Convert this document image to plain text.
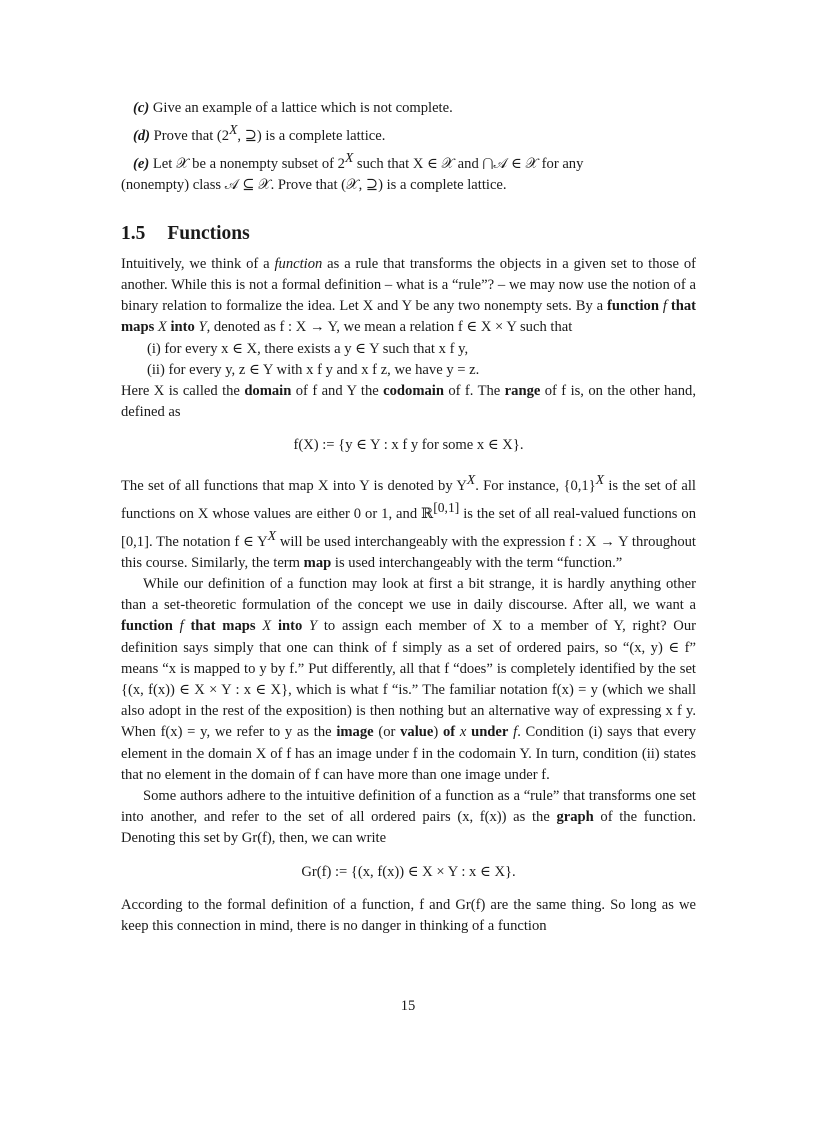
(c) Give an example of a lattice which is not complete.

(d) Prove that ($2^X$, ⊇) is a complete lattice.

(e) Let 𝒳 be a nonempty subset of $2^X$ such that X ∈ 𝒳 and ⋂𝒜 ∈ 𝒳 for any
(nonempty) class 𝒜 ⊆ 𝒳. Prove that (𝒳, ⊇) is a complete lattice.

1.5 Functions

Intuitively, we think of a function as a rule that transforms the objects in a given set to those of another. While this is not a formal definition – what is a “rule”? – we may now use the notion of a binary relation to formalize the idea. Let X and Y be any two nonempty sets. By a function f that maps X into Y, denoted as f : X → Y, we mean a relation f ∈ X × Y such that

(i) for every x ∈ X, there exists a y ∈ Y such that x f y,

(ii) for every y, z ∈ Y with x f y and x f z, we have y = z.

Here X is called the domain of f and Y the codomain of f. The range of f is, on the other hand, defined as

f(X) := {y ∈ Y : x f y for some x ∈ X}.

The set of all functions that map X into Y is denoted by $Y^X$. For instance, $\{0,1\}^X$ is the set of all functions on X whose values are either 0 or 1, and ℝ[0,1] is the set of all real-valued functions on [0,1]. The notation f ∈ $Y^X$ will be used interchangeably with the expression f : X → Y throughout this course. Similarly, the term map is used interchangeably with the term “function.”

While our definition of a function may look at first a bit strange, it is hardly anything other than a set-theoretic formulation of the concept we use in daily discourse. After all, we want a function f that maps X into Y to assign each member of X to a member of Y, right? Our definition says simply that one can think of f simply as a set of ordered pairs, so “(x, y) ∈ f” means “x is mapped to y by f.” Put differently, all that f “does” is completely identified by the set {(x, f(x)) ∈ X × Y : x ∈ X}, which is what f “is.” The familiar notation f(x) = y (which we shall also adopt in the rest of the exposition) is then nothing but an alternative way of expressing x f y. When f(x) = y, we refer to y as the image (or value) of x under f. Condition (i) says that every element in the domain X of f has an image under f in the codomain Y. In turn, condition (ii) states that no element in the domain of f can have more than one image under f.

Some authors adhere to the intuitive definition of a function as a “rule” that transforms one set into another, and refer to the set of all ordered pairs (x, f(x)) as the graph of the function. Denoting this set by Gr(f), then, we can write

Gr(f) := {(x, f(x)) ∈ X × Y : x ∈ X}.

According to the formal definition of a function, f and Gr(f) are the same thing. So long as we keep this connection in mind, there is no danger in thinking of a function

15
